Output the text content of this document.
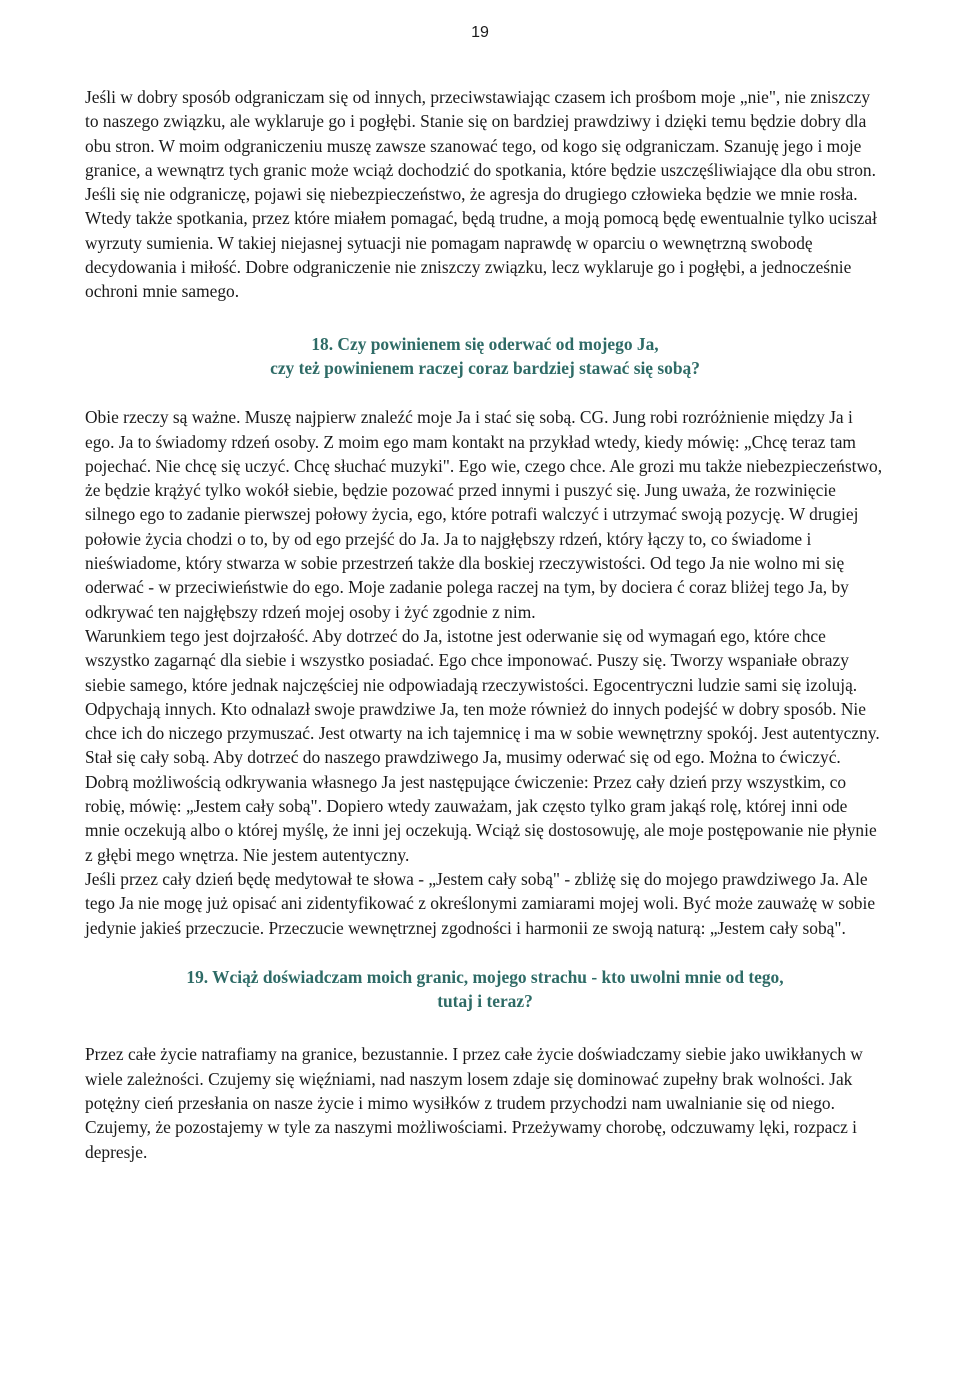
19

Jeśli w dobry sposób odgraniczam się od innych, przeciwstawiając czasem ich prośbom moje „nie", nie zniszczy to naszego związku, ale wyklaruje go i pogłębi. Stanie się on bardziej prawdziwy i dzięki temu będzie dobry dla obu stron. W moim odgraniczeniu muszę zawsze szanować tego, od kogo się odgraniczam. Szanuję jego i moje granice, a wewnątrz tych granic może wciąż dochodzić do spotkania, które będzie uszczęśliwiające dla obu stron. Jeśli się nie odgraniczę, pojawi się niebezpieczeństwo, że agresja do drugiego człowieka będzie we mnie rosła. Wtedy także spotkania, przez które miałem pomagać, będą trudne, a moją pomocą będę ewentualnie tylko uciszał wyrzuty sumienia. W takiej niejasnej sytuacji nie pomagam naprawdę w oparciu o wewnętrzną swobodę decydowania i miłość. Dobre odgraniczenie nie zniszczy związku, lecz wyklaruje go i pogłębi, a jednocześnie ochroni mnie samego.

18. Czy powinienem się oderwać od mojego Ja,

czy też powinienem raczej coraz bardziej stawać się sobą?

Obie rzeczy są ważne. Muszę najpierw znaleźć moje Ja i stać się sobą. CG. Jung robi rozróżnienie między Ja i ego. Ja to świadomy rdzeń osoby. Z moim ego mam kontakt na przykład wtedy, kiedy mówię: „Chcę teraz tam pojechać. Nie chcę się uczyć. Chcę słuchać muzyki". Ego wie, czego chce. Ale grozi mu także niebezpieczeństwo, że będzie krążyć tylko wokół siebie, będzie pozować przed innymi i puszyć się. Jung uważa, że rozwinięcie silnego ego to zadanie pierwszej połowy życia, ego, które potrafi walczyć i utrzymać swoją pozycję. W drugiej połowie życia chodzi o to, by od ego przejść do Ja. Ja to najgłębszy rdzeń, który łączy to, co świadome i nieświadome, który stwarza w sobie przestrzeń także dla boskiej rzeczywistości. Od tego Ja nie wolno mi się oderwać - w przeciwieństwie do ego. Moje zadanie polega raczej na tym, by dociera ć coraz bliżej tego Ja, by odkrywać ten najgłębszy rdzeń mojej osoby i żyć zgodnie z nim.

Warunkiem tego jest dojrzałość. Aby dotrzeć do Ja, istotne jest oderwanie się od wymagań ego, które chce wszystko zagarnąć dla siebie i wszystko posiadać. Ego chce imponować. Puszy się. Tworzy wspaniałe obrazy siebie samego, które jednak najczęściej nie odpowiadają rzeczywistości. Egocentryczni ludzie sami się izolują. Odpychają innych. Kto odnalazł swoje prawdziwe Ja, ten może również do innych podejść w dobry sposób. Nie chce ich do niczego przymuszać. Jest otwarty na ich tajemnicę i ma w sobie wewnętrzny spokój. Jest autentyczny. Stał się cały sobą. Aby dotrzeć do naszego prawdziwego Ja, musimy oderwać się od ego. Można to ćwiczyć. Dobrą możliwością odkrywania własnego Ja jest następujące ćwiczenie: Przez cały dzień przy wszystkim, co robię, mówię: „Jestem cały sobą". Dopiero wtedy zauważam, jak często tylko gram jakąś rolę, której inni ode mnie oczekują albo o której myślę, że inni jej oczekują. Wciąż się dostosowuję, ale moje postępowanie nie płynie z głębi mego wnętrza. Nie jestem autentyczny.

Jeśli przez cały dzień będę medytował te słowa - „Jestem cały sobą" - zbliżę się do mojego prawdziwego Ja. Ale tego Ja nie mogę już opisać ani zidentyfikować z określonymi zamiarami mojej woli. Być może zauważę w sobie jedynie jakieś przeczucie. Przeczucie wewnętrznej zgodności i harmonii ze swoją naturą: „Jestem cały sobą".

19. Wciąż doświadczam moich granic, mojego strachu - kto uwolni mnie od tego,

tutaj i teraz?

Przez całe życie natrafiamy na granice, bezustannie. I przez całe życie doświadczamy siebie jako uwikłanych w wiele zależności. Czujemy się więźniami, nad naszym losem zdaje się dominować zupełny brak wolności. Jak potężny cień przesłania on nasze życie i mimo wysiłków z trudem przychodzi nam uwalnianie się od niego. Czujemy, że pozostajemy w tyle za naszymi możliwościami. Przeżywamy chorobę, odczuwamy lęki, rozpacz i depresje.
